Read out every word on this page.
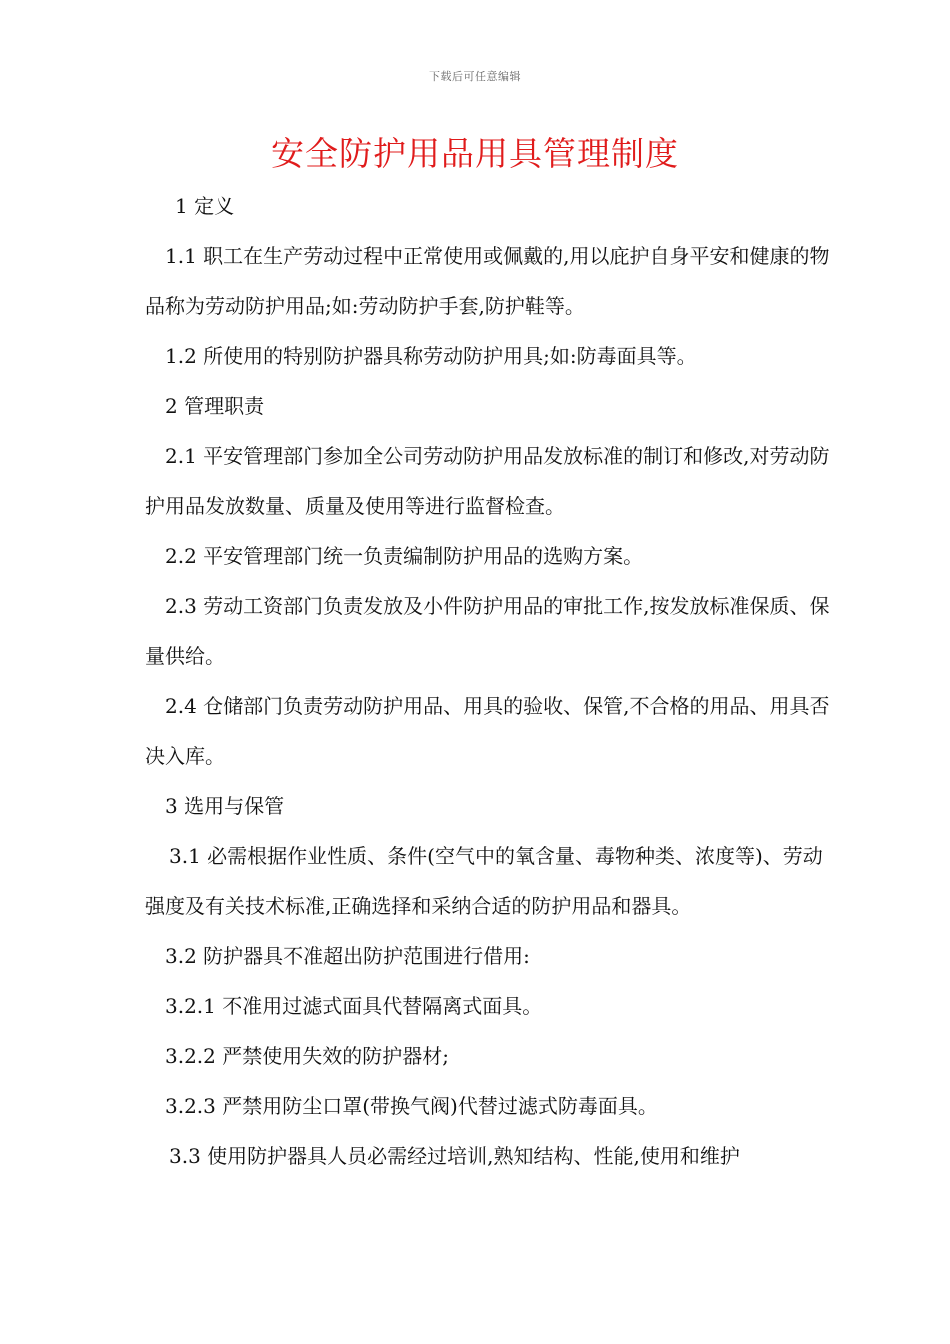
下载后可任意编辑
安全防护用品用具管理制度

1 定义

1.1 职工在生产劳动过程中正常使用或佩戴的,用以庇护自身平安和健康的物品称为劳动防护用品;如:劳动防护手套,防护鞋等。

1.2 所使用的特别防护器具称劳动防护用具;如:防毒面具等。

2 管理职责

2.1 平安管理部门参加全公司劳动防护用品发放标准的制订和修改,对劳动防护用品发放数量、质量及使用等进行监督检查。

2.2 平安管理部门统一负责编制防护用品的选购方案。

2.3 劳动工资部门负责发放及小件防护用品的审批工作,按发放标准保质、保量供给。

2.4 仓储部门负责劳动防护用品、用具的验收、保管,不合格的用品、用具否决入库。

3 选用与保管

3.1 必需根据作业性质、条件(空气中的氧含量、毒物种类、浓度等)、劳动强度及有关技术标准,正确选择和采纳合适的防护用品和器具。

3.2 防护器具不准超出防护范围进行借用:

3.2.1 不准用过滤式面具代替隔离式面具。

3.2.2 严禁使用失效的防护器材;

3.2.3 严禁用防尘口罩(带换气阀)代替过滤式防毒面具。

3.3 使用防护器具人员必需经过培训,熟知结构、性能,使用和维护
